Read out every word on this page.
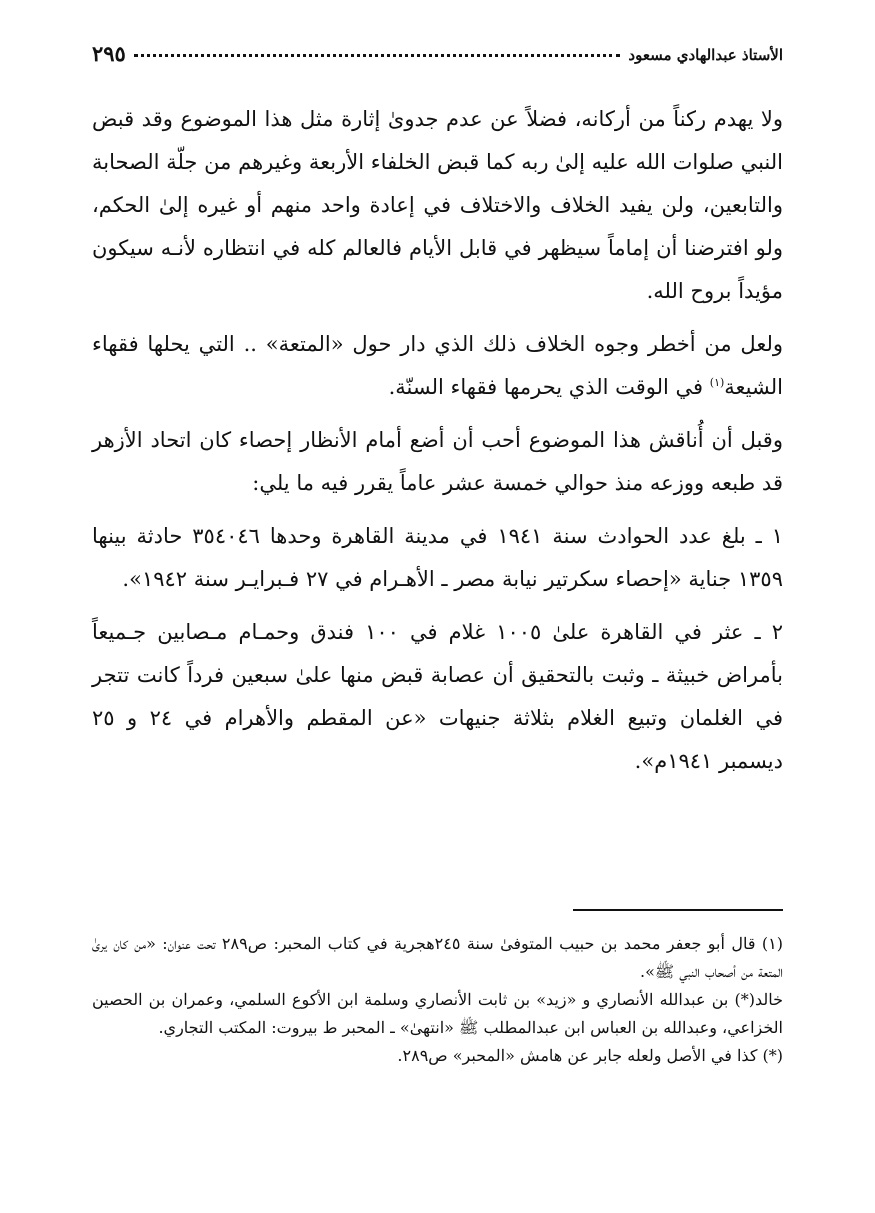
الأستاذ عبدالهادي مسعود
٢٩٥

ولا يهدم ركناً من أركانه، فضلاً عن عدم جدوىٰ إثارة مثل هذا الموضوع وقد قبض النبي صلوات الله عليه إلىٰ ربه كما قبض الخلفاء الأربعة وغيرهم من جلّة الصحابة والتابعين، ولن يفيد الخلاف والاختلاف في إعادة واحد منهم أو غيره إلىٰ الحكم، ولو افترضنا أن إماماً سيظهر في قابل الأيام فالعالم كله في انتظاره لأنـه سيكون مؤيداً بروح الله.

ولعل من أخطر وجوه الخلاف ذلك الذي دار حول «المتعة» .. التي يحلها فقهاء الشيعة$^{(١)}$ في الوقت الذي يحرمها فقهاء السنّة.

وقبل أن أُناقش هذا الموضوع أحب أن أضع أمام الأنظار إحصاء كان اتحاد الأزهر قد طبعه ووزعه منذ حوالي خمسة عشر عاماً يقرر فيه ما يلي:

١ ـ بلغ عدد الحوادث سنة ١٩٤١ في مدينة القاهرة وحدها ٣٥٤٠٤٦ حادثة بينها ١٣٥٩ جناية «إحصاء سكرتير نيابة مصر ـ الأهـرام في ٢٧ فـبرايـر سنة ١٩٤٢».

٢ ـ عثر في القاهرة علىٰ ١٠٠٥ غلام في ١٠٠ فندق وحمـام مـصابين جـميعاً بأمراض خبيثة ـ وثبت بالتحقيق أن عصابة قبض منها علىٰ سبعين فرداً كانت تتجر في الغلمان وتبيع الغلام بثلاثة جنيهات «عن المقطم والأهرام في ٢٤ و ٢٥ ديسمبر ١٩٤١م».

(١) قال أبو جعفر محمد بن حبيب المتوفىٰ سنة ٢٤٥هجرية في كتاب المحبر: ص٢٨٩ تحت عنوان: «من كان يرىٰ المتعة من أصحاب النبي ﷺ».

خالد(*) بن عبدالله الأنصاري و «زيد» بن ثابت الأنصاري وسلمة ابن الأكوع السلمي، وعمران بن الحصين الخزاعي، وعبدالله بن العباس ابن عبدالمطلب ﷺ «انتهىٰ» ـ المحبر ط بيروت: المكتب التجاري.

(*) كذا في الأصل ولعله جابر عن هامش «المحبر» ص٢٨٩.
